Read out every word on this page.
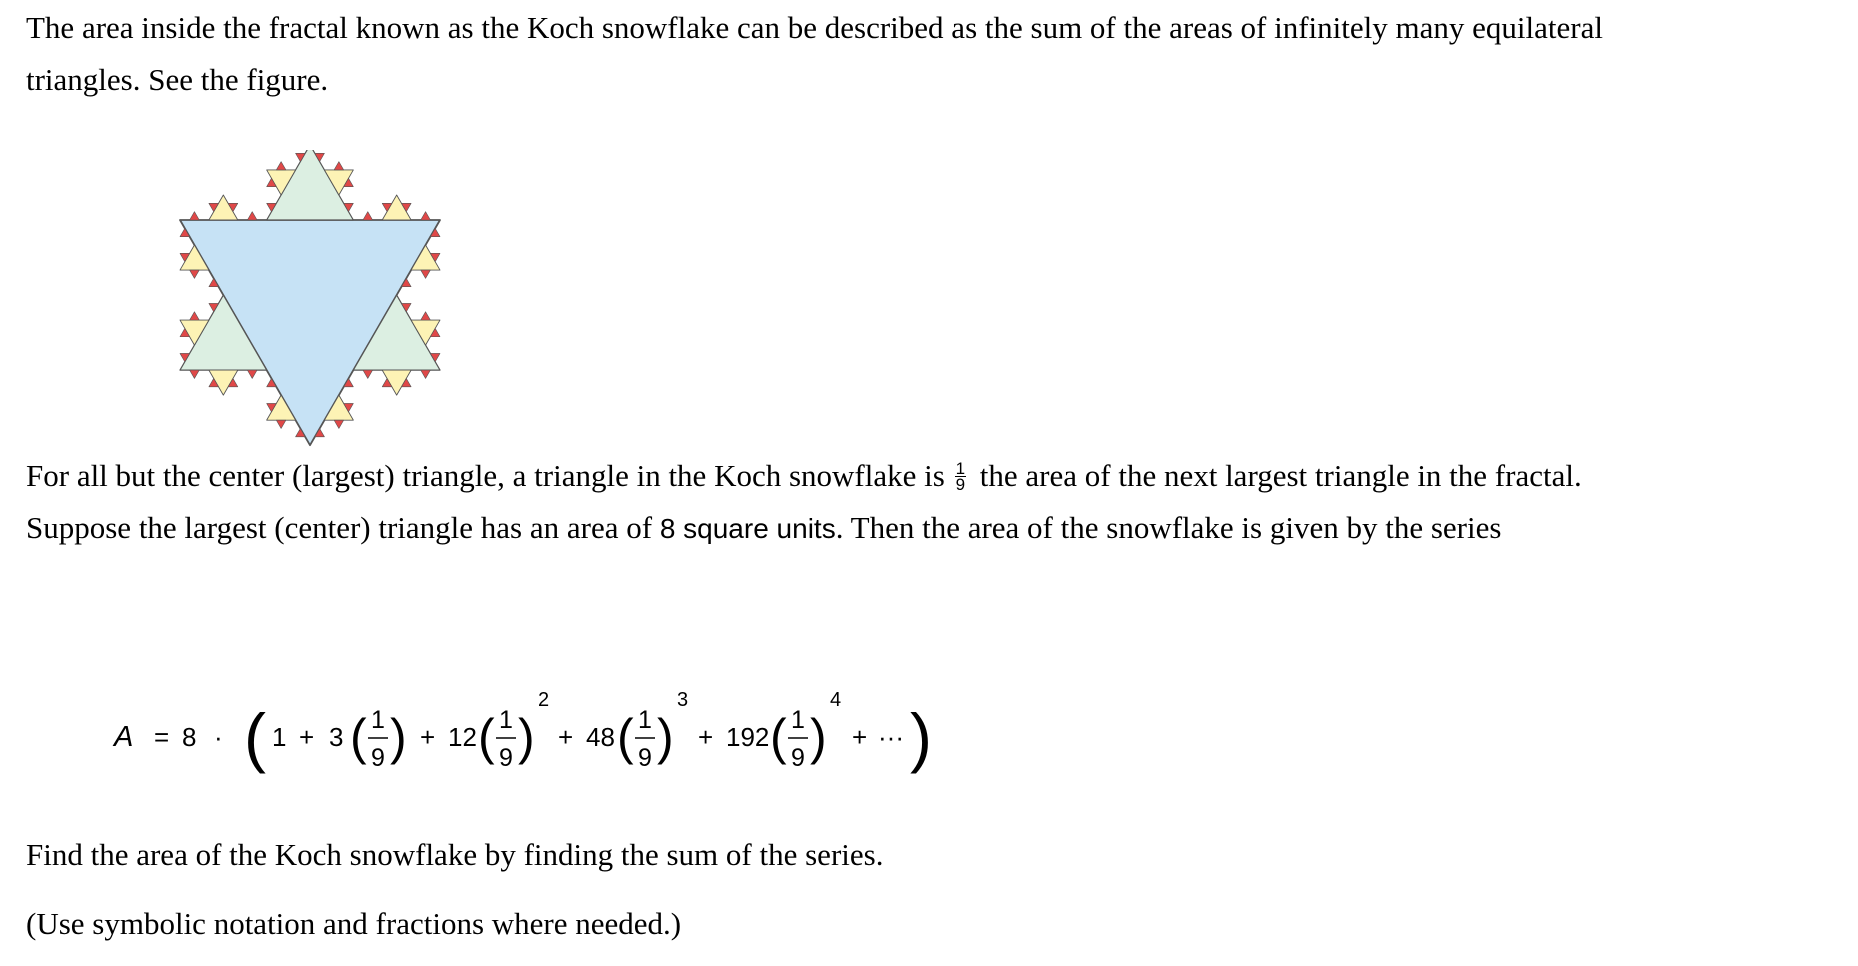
The area inside the fractal known as the Koch snowflake can be described as the sum of the areas of infinitely many equilateral
triangles. See the figure.

For all but the center (largest) triangle, a triangle in the Koch snowflake is $\frac{1}{9}$ the area of the next largest triangle in the fractal.
Suppose the largest (center) triangle has an area of 8 square units. Then the area of the snowflake is given by the series

A = 8 · ( 1 + 3 ( 1
9 ) + 12 ( 1
9 )
2
+ 48 ( 1
9 )
3
+ 192 ( 1
9 )
4
+ ··· )

Find the area of the Koch snowflake by finding the sum of the series.

(Use symbolic notation and fractions where needed.)
